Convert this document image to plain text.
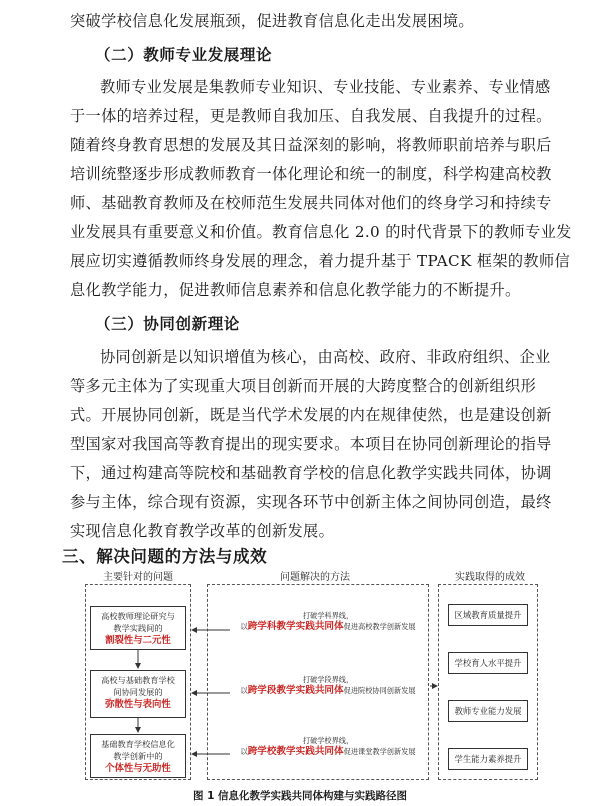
突破学校信息化发展瓶颈，促进教育信息化走出发展困境。
（二）教师专业发展理论
教师专业发展是集教师专业知识、专业技能、专业素养、专业情感
于一体的培养过程，更是教师自我加压、自我发展、自我提升的过程。
随着终身教育思想的发展及其日益深刻的影响，将教师职前培养与职后
培训统整逐步形成教师教育一体化理论和统一的制度，科学构建高校教
师、基础教育教师及在校师范生发展共同体对他们的终身学习和持续专
业发展具有重要意义和价值。教育信息化 2.0 的时代背景下的教师专业发
展应切实遵循教师终身发展的理念，着力提升基于 TPACK 框架的教师信
息化教学能力，促进教师信息素养和信息化教学能力的不断提升。
（三）协同创新理论
协同创新是以知识增值为核心，由高校、政府、非政府组织、企业
等多元主体为了实现重大项目创新而开展的大跨度整合的创新组织形
式。开展协同创新，既是当代学术发展的内在规律使然，也是建设创新
型国家对我国高等教育提出的现实要求。本项目在协同创新理论的指导
下，通过构建高等院校和基础教育学校的信息化教学实践共同体，协调
参与主体，综合现有资源，实现各环节中创新主体之间协同创造，最终
实现信息化教育教学改革的创新发展。
三、解决问题的方法与成效
主要针对的问题	问题解决的方法	实践取得的成效
高校教师理论研究与
教学实践间的
割裂性与二元性
高校与基础教育学校
间协同发展的
弥散性与表向性
基础教育学校信息化
教学创新中的
个体性与无助性
打破学科界线，
以跨学科教学实践共同体促进高校教学创新发展
打破学段界线，
以跨学段教学实践共同体促进院校协同创新发展
打破学校界线，
以跨学校教学实践共同体促进课堂教学创新发展
区域教育质量提升
学校育人水平提升
教师专业能力发展
学生能力素养提升
图 1 信息化教学实践共同体构建与实践路径图
